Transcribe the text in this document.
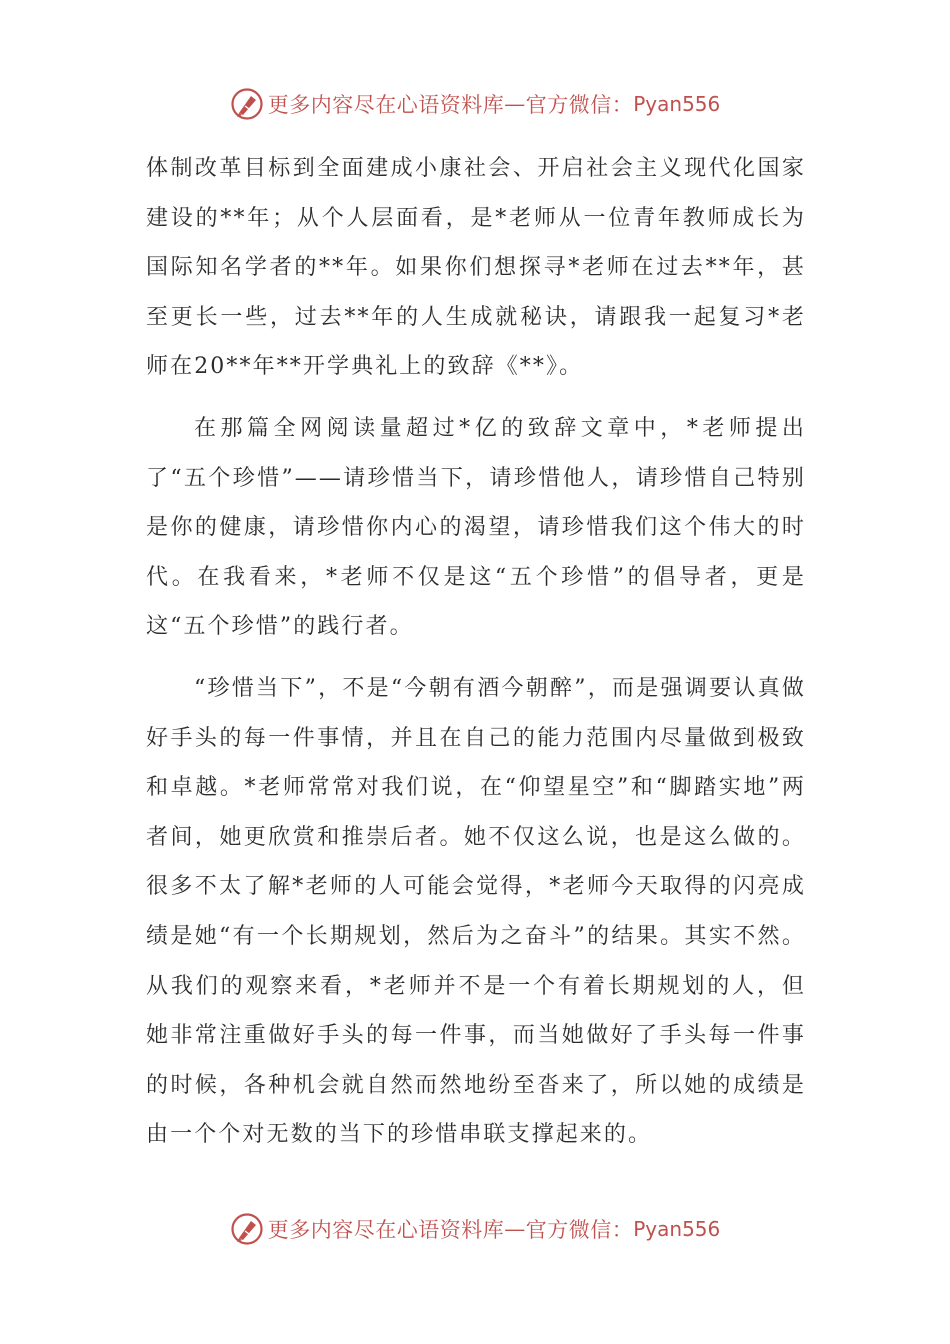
更多内容尽在心语资料库 — 官方微信： Pyan556

体制改革目标到全面建成小康社会、开启社会主义现代化国家建设的**年；从个人层面看，是*老师从一位青年教师成长为国际知名学者的**年。如果你们想探寻*老师在过去**年，甚至更长一些，过去**年的人生成就秘诀，请跟我一起复习*老师在20**年**开学典礼上的致辞《**》。

在那篇全网阅读量超过*亿的致辞文章中，*老师提出了“五个珍惜”——请珍惜当下，请珍惜他人，请珍惜自己特别是你的健康，请珍惜你内心的渴望，请珍惜我们这个伟大的时代。在我看来，*老师不仅是这“五个珍惜”的倡导者，更是这“五个珍惜”的践行者。

“珍惜当下”，不是“今朝有酒今朝醉”，而是强调要认真做好手头的每一件事情，并且在自己的能力范围内尽量做到极致和卓越。*老师常常对我们说，在“仰望星空”和“脚踏实地”两者间，她更欣赏和推崇后者。她不仅这么说，也是这么做的。很多不太了解*老师的人可能会觉得，*老师今天取得的闪亮成绩是她“有一个长期规划，然后为之奋斗”的结果。其实不然。从我们的观察来看，*老师并不是一个有着长期规划的人，但她非常注重做好手头的每一件事，而当她做好了手头每一件事的时候，各种机会就自然而然地纷至沓来了，所以她的成绩是由一个个对无数的当下的珍惜串联支撑起来的。

更多内容尽在心语资料库 — 官方微信： Pyan556
